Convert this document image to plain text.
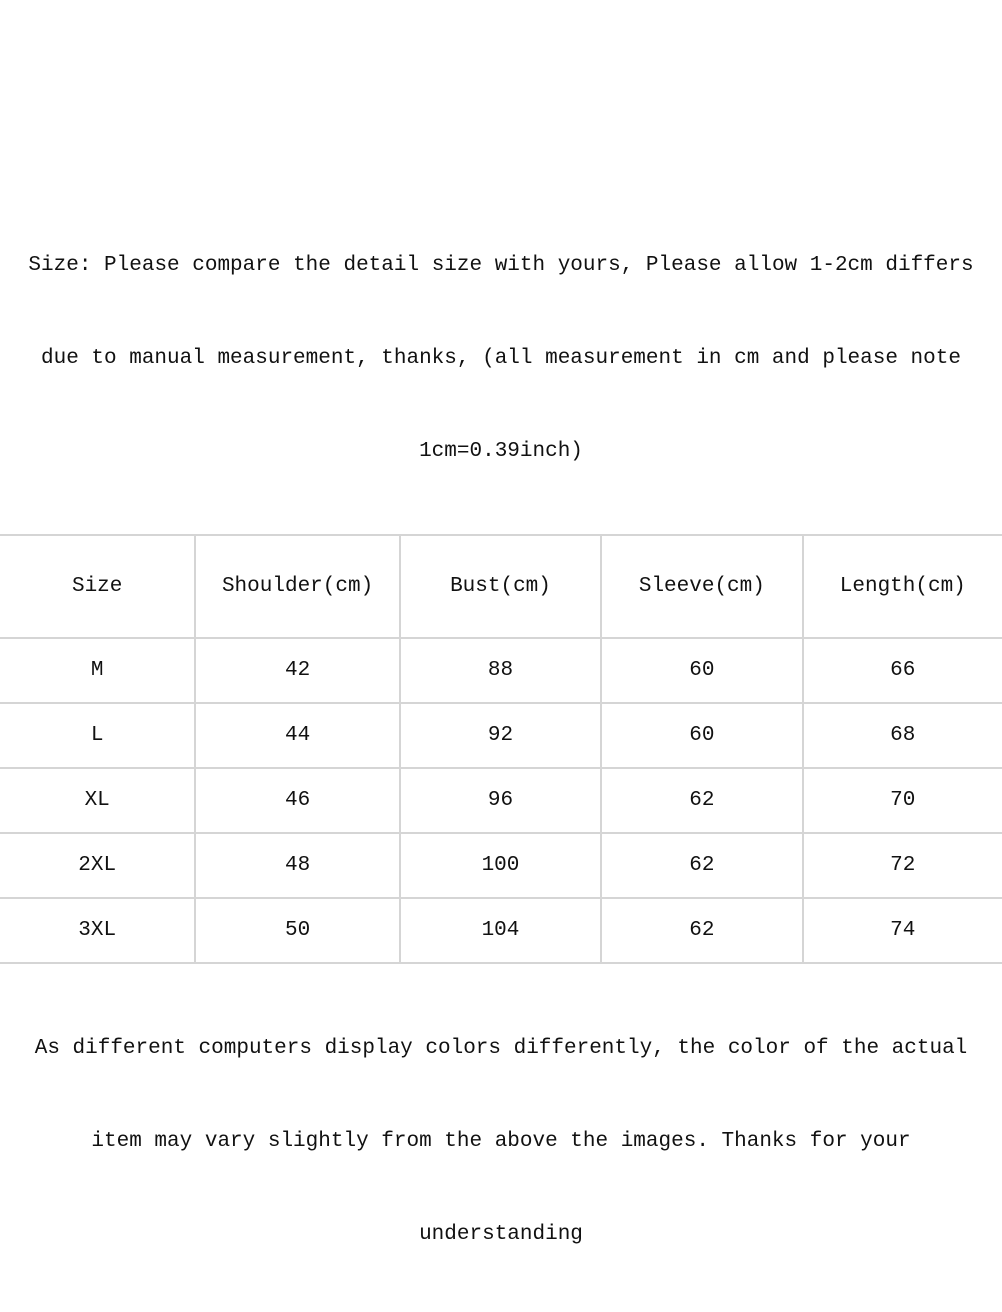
Size: Please compare the detail size with yours, Please allow 1-2cm differs

due to manual measurement, thanks, (all measurement in cm and please note

1cm=0.39inch)

Size	Shoulder(cm)	Bust(cm)	Sleeve(cm)	Length(cm)
M	42	88	60	66
L	44	92	60	68
XL	46	96	62	70
2XL	48	100	62	72
3XL	50	104	62	74

As different computers display colors differently, the color of the actual

item may vary slightly from the above the images. Thanks for your

understanding
